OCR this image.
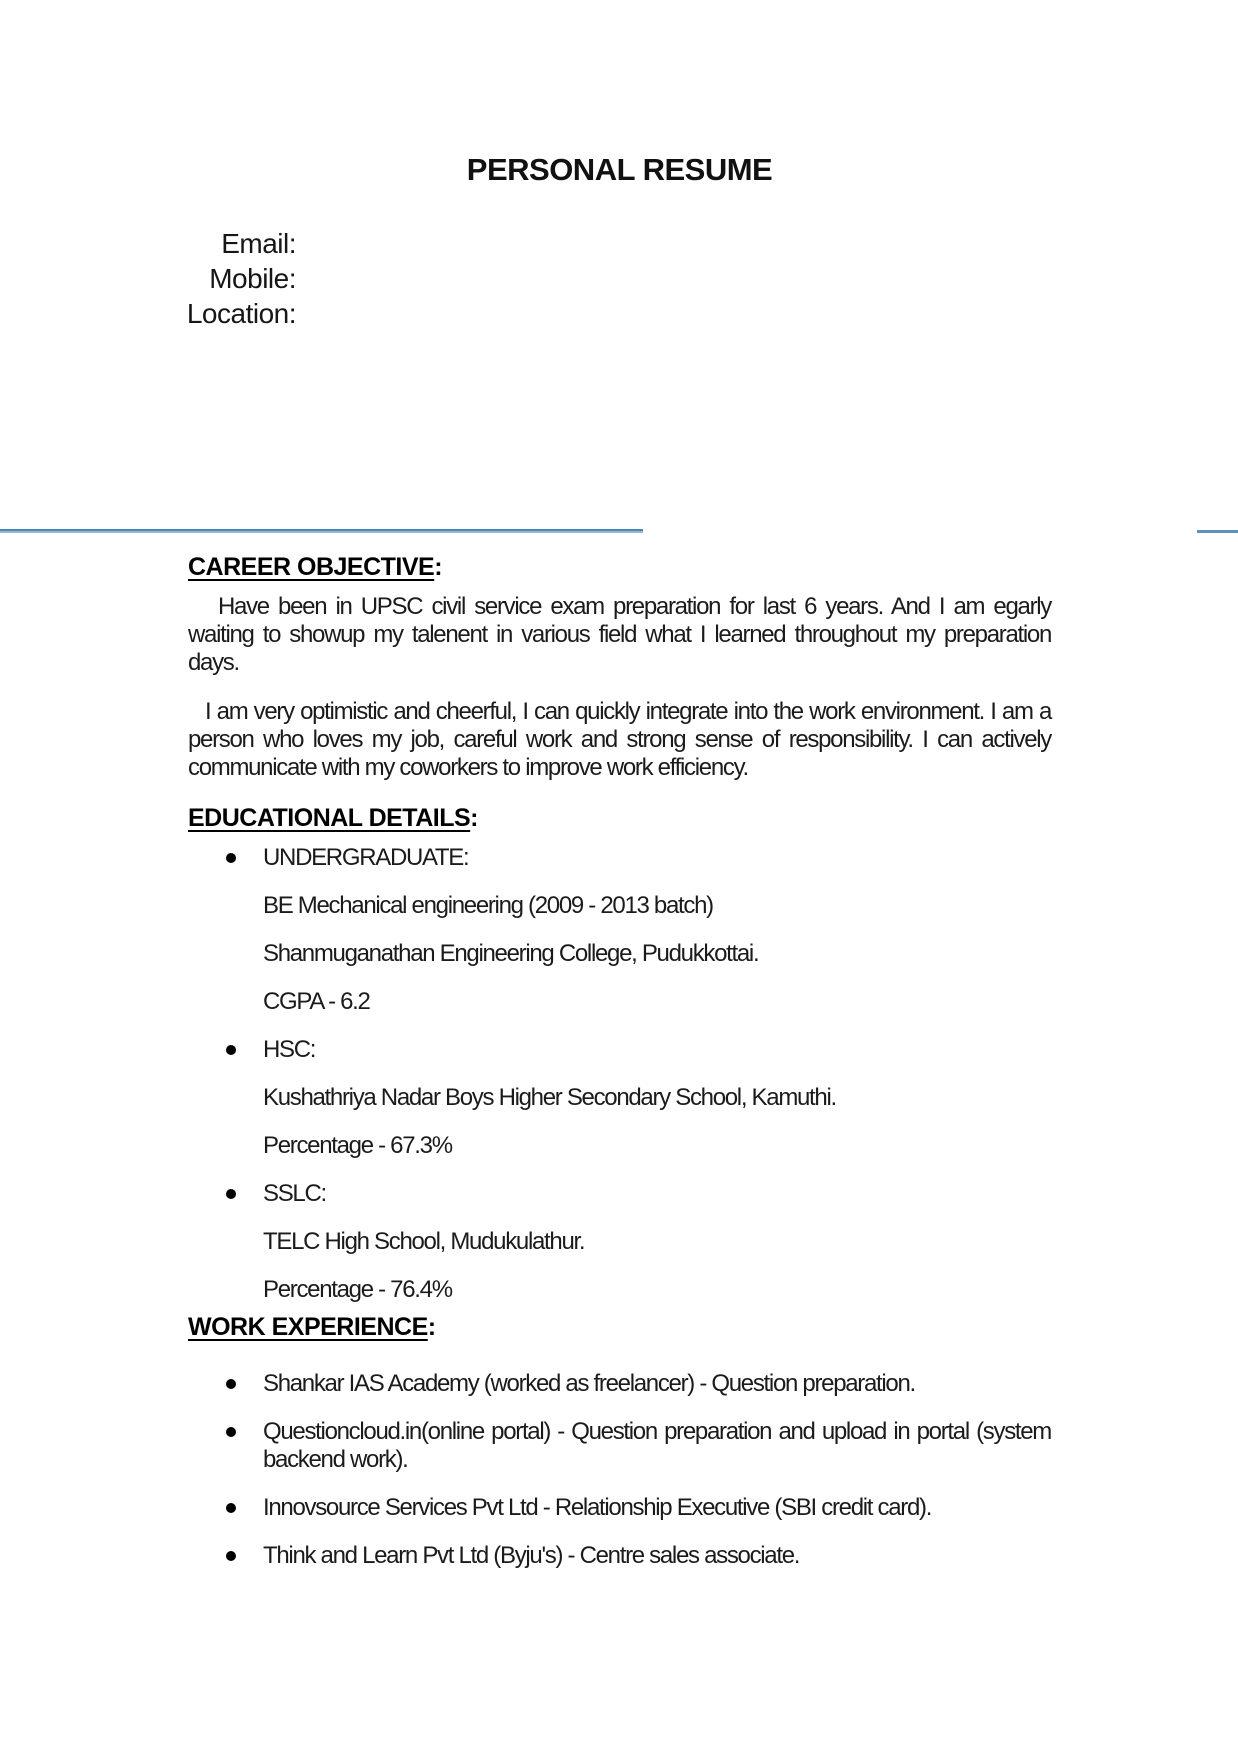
PERSONAL RESUME
Email:
Mobile:
Location:
CAREER OBJECTIVE:

Have been in UPSC civil service exam preparation for last 6 years. And I am egarly waiting to showup my talenent in various field what I learned throughout my preparation days.

I am very optimistic and cheerful, I can quickly integrate into the work environment. I am a person who loves my job, careful work and strong sense of responsibility. I can actively communicate with my coworkers to improve work efficiency.

EDUCATIONAL DETAILS:
UNDERGRADUATE:
BE Mechanical engineering (2009 - 2013 batch)
Shanmuganathan Engineering College, Pudukkottai.
CGPA - 6.2
HSC:
Kushathriya Nadar Boys Higher Secondary School, Kamuthi.
Percentage - 67.3%
SSLC:
TELC High School, Mudukulathur.
Percentage - 76.4%
WORK EXPERIENCE:
Shankar IAS Academy (worked as freelancer) - Question preparation.
Questioncloud.in(online portal) - Question preparation and upload in portal (system backend work).
Innovsource Services Pvt Ltd - Relationship Executive (SBI credit card).
Think and Learn Pvt Ltd (Byju's) - Centre sales associate.
